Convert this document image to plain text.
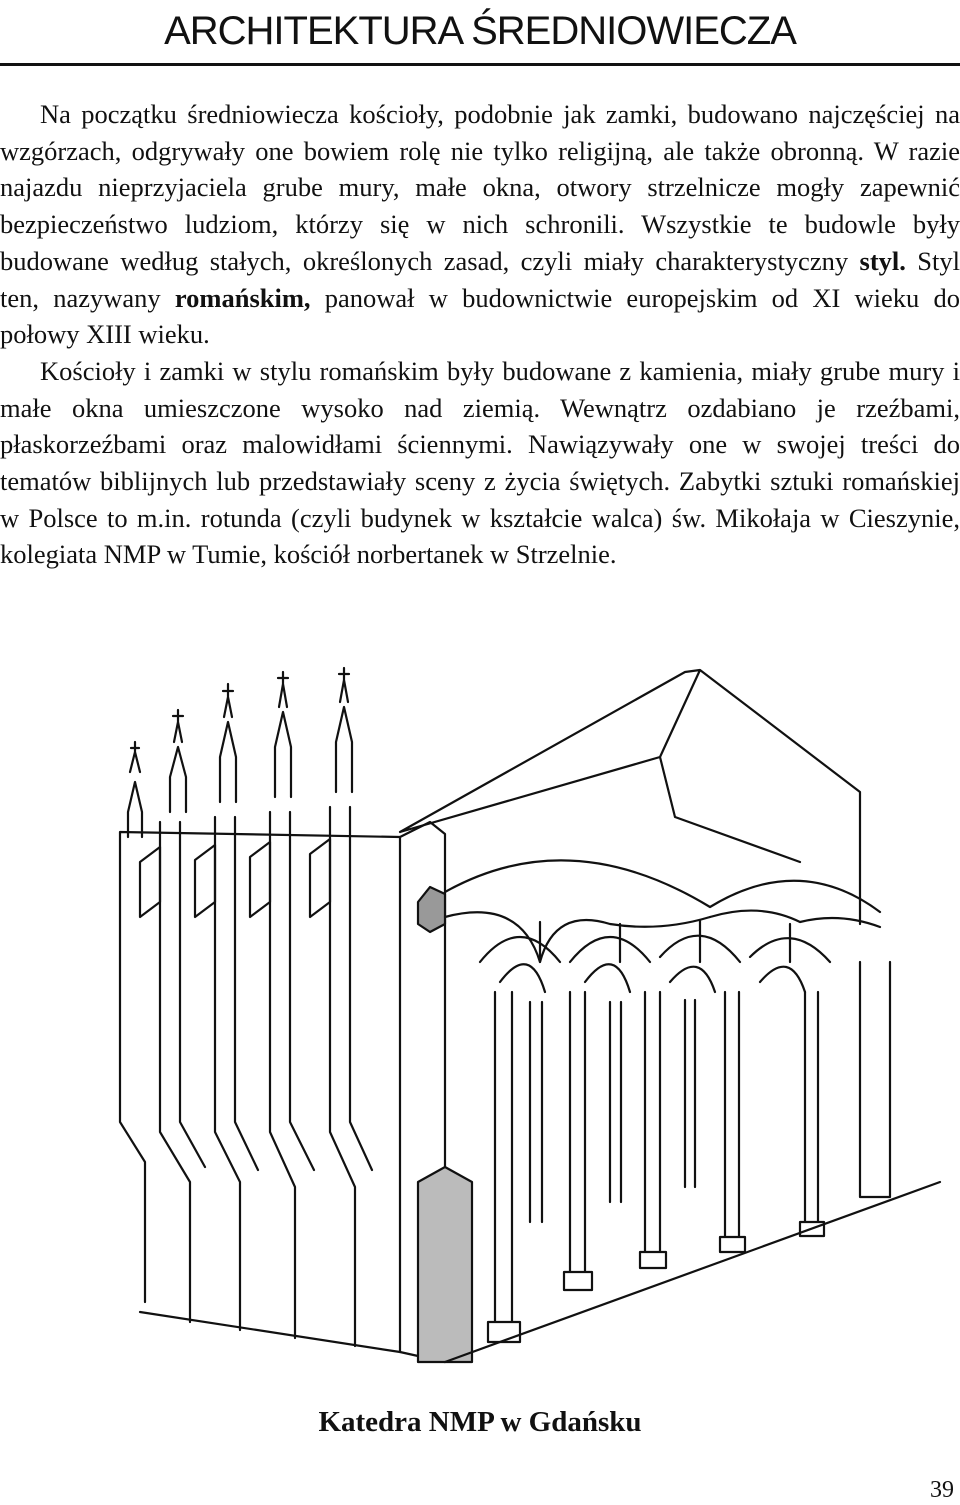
ARCHITEKTURA ŚREDNIOWIECZA

Na początku średniowiecza kościoły, podobnie jak zamki, budowano najczęściej na wzgórzach, odgrywały one bowiem rolę nie tylko religijną, ale także obronną. W razie najazdu nieprzyjaciela grube mury, małe okna, otwory strzelnicze mogły zapewnić bezpieczeństwo ludziom, którzy się w nich schronili. Wszystkie te budowle były budowane według stałych, określonych zasad, czyli miały charakterystyczny styl. Styl ten, nazywany romańskim, panował w budownictwie europejskim od XI wieku do połowy XIII wieku.

Kościoły i zamki w stylu romańskim były budowane z kamienia, miały grube mury i małe okna umieszczone wysoko nad ziemią. Wewnątrz ozdabiano je rzeźbami, płaskorzeźbami oraz malowidłami ściennymi. Nawiązywały one w swojej treści do tematów biblijnych lub przedstawiały sceny z życia świętych. Zabytki sztuki romańskiej w Polsce to m.in. rotunda (czyli budynek w kształcie walca) św. Mikołaja w Cieszynie, kolegiata NMP w Tumie, kościół norbertanek w Strzelnie.

Katedra NMP w Gdańsku
39
